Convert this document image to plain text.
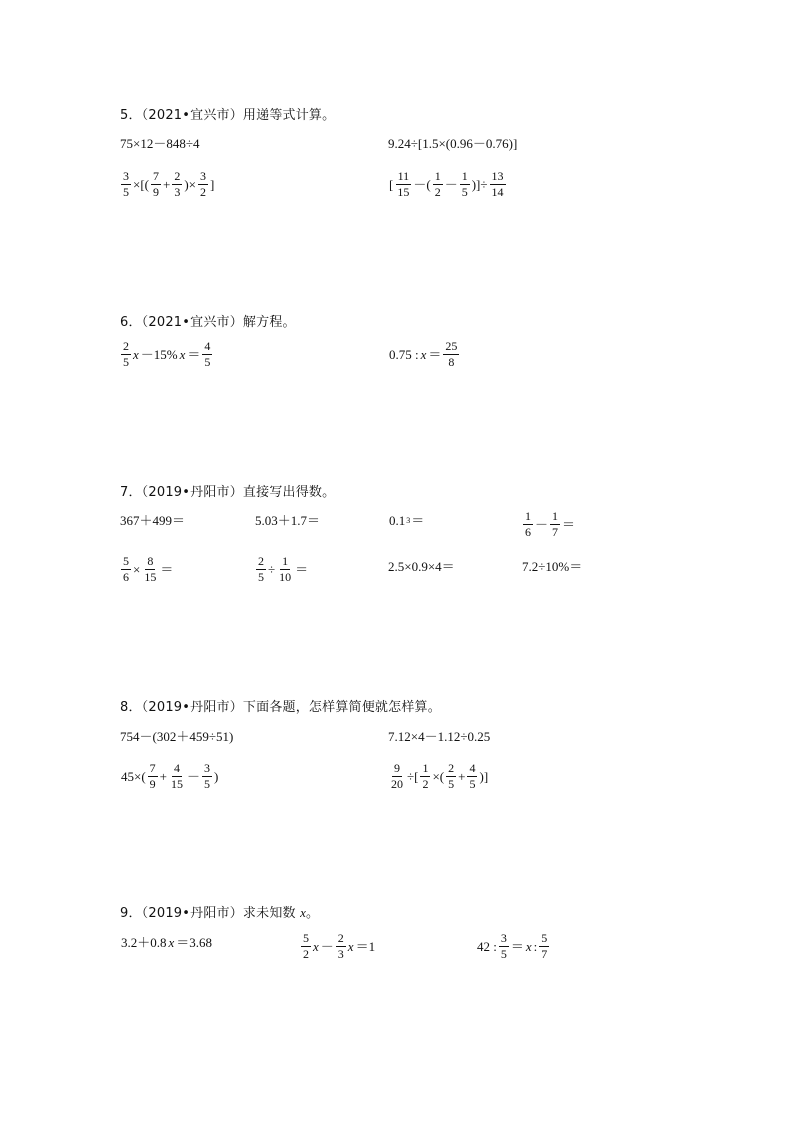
5．（2021•宜兴市）用递等式计算。
75×12－848÷4	9.24÷[1.5×(0.96－0.76)]
$\frac{3}{5}$ ×[( $\frac{7}{9} + \frac{2}{3}$ )× $\frac{3}{2}$ ]	[ $\frac{11}{15}$ －( $\frac{1}{2} - \frac{1}{5}$ )]÷ $\frac{13}{14}$
6．（2021•宜兴市）解方程。
$\frac{2}{5}$ x －15% $x = \frac{4}{5}$	0.75 : $x = \frac{25}{8}$
7．（2019•丹阳市）直接写出得数。
367＋499＝	5.03＋1.7＝	0.1 3 ＝	$\frac{1}{6} - \frac{1}{7}$ ＝
$\frac{5}{6} \times \frac{8}{15}$ ＝	$\frac{2}{5} \div \frac{1}{10}$ ＝	2.5×0.9×4＝	7.2÷10%＝
8．（2019•丹阳市）下面各题，怎样算简便就怎样算。
754－(302＋459÷51)	7.12×4－1.12÷0.25
$45\times( \frac{7}{9} + \frac{4}{15} - \frac{3}{5}$ )	$\frac{9}{20}$ ÷[ $\frac{1}{2}$ ×( $\frac{2}{5} + \frac{4}{5}$ )]
9．（2019•丹阳市）求未知数 x。
3.2＋0.8 x ＝3.68	$\frac{5}{2}$ $x - \frac{2}{3}$ x ＝1	42 : $\frac{3}{5} = x$ : $\frac{5}{7}$
